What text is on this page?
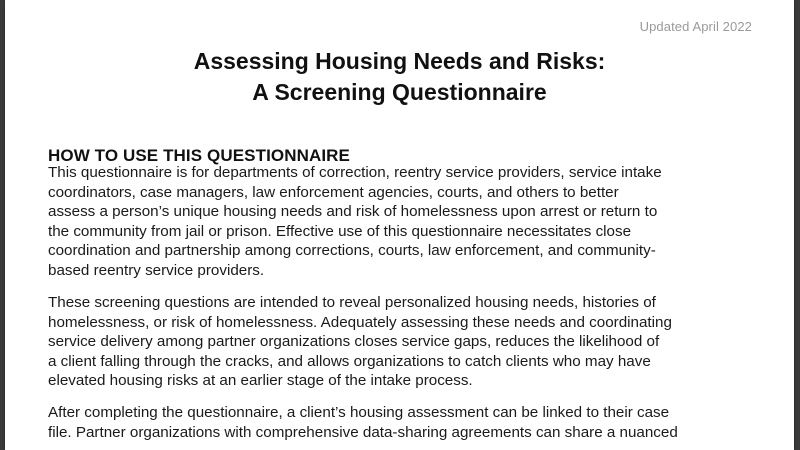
Updated April 2022
Assessing Housing Needs and Risks:
A Screening Questionnaire
HOW TO USE THIS QUESTIONNAIRE
This questionnaire is for departments of correction, reentry service providers, service intake
coordinators, case managers, law enforcement agencies, courts, and others to better
assess a person’s unique housing needs and risk of homelessness upon arrest or return to
the community from jail or prison. Effective use of this questionnaire necessitates close
coordination and partnership among corrections, courts, law enforcement, and community-
based reentry service providers.
These screening questions are intended to reveal personalized housing needs, histories of
homelessness, or risk of homelessness. Adequately assessing these needs and coordinating
service delivery among partner organizations closes service gaps, reduces the likelihood of
a client falling through the cracks, and allows organizations to catch clients who may have
elevated housing risks at an earlier stage of the intake process.
After completing the questionnaire, a client’s housing assessment can be linked to their case
file. Partner organizations with comprehensive data-sharing agreements can share a nuanced
